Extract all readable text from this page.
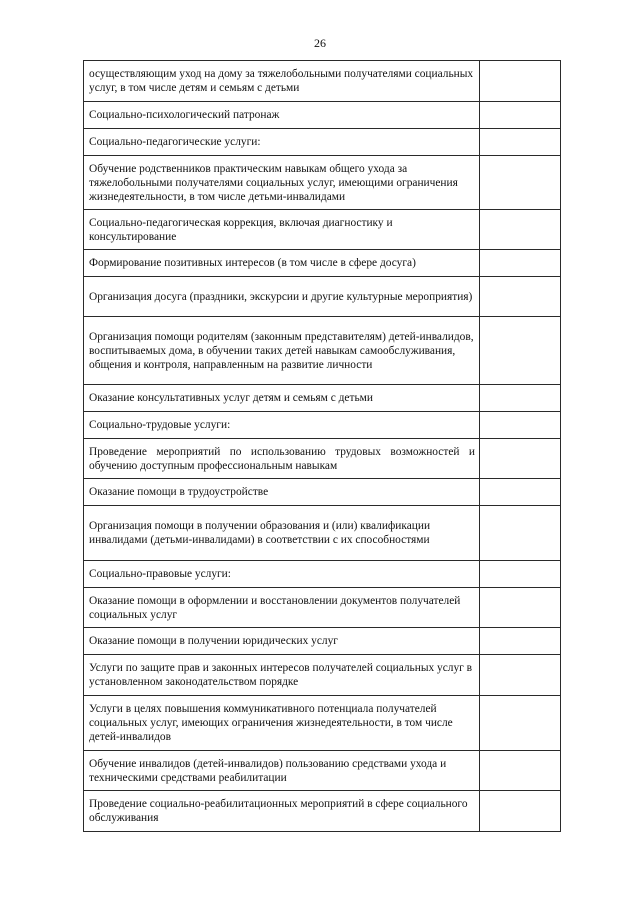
26
осуществляющим уход на дому за тяжелобольными получателями социальных услуг, в том числе детям и семьям с детьми	

Социально-психологический патронаж	

Социально-педагогические услуги:	

Обучение родственников практическим навыкам общего ухода за тяжелобольными получателями социальных услуг, имеющими ограничения жизнедеятельности, в том числе детьми-инвалидами	

Социально-педагогическая коррекция, включая диагностику и консультирование	

Формирование позитивных интересов (в том числе в сфере досуга)	

Организация досуга (праздники, экскурсии и другие культурные мероприятия)	

Организация помощи родителям (законным представителям) детей-инвалидов, воспитываемых дома, в обучении таких детей навыкам самообслуживания, общения и контроля, направленным на развитие личности	

Оказание консультативных услуг детям и семьям с детьми	

Социально-трудовые услуги:	

Проведение мероприятий по использованию трудовых возможностей и обучению доступным профессиональным навыкам	

Оказание помощи в трудоустройстве	

Организация помощи в получении образования и (или) квалификации инвалидами (детьми-инвалидами) в соответствии с их способностями	

Социально-правовые услуги:	

Оказание помощи в оформлении и восстановлении документов получателей социальных услуг	

Оказание помощи в получении юридических услуг	

Услуги по защите прав и законных интересов получателей социальных услуг в установленном законодательством порядке	

Услуги в целях повышения коммуникативного потенциала получателей социальных услуг, имеющих ограничения жизнедеятельности, в том числе детей-инвалидов	

Обучение инвалидов (детей-инвалидов) пользованию средствами ухода и техническими средствами реабилитации	

Проведение социально-реабилитационных мероприятий в сфере социального обслуживания	
